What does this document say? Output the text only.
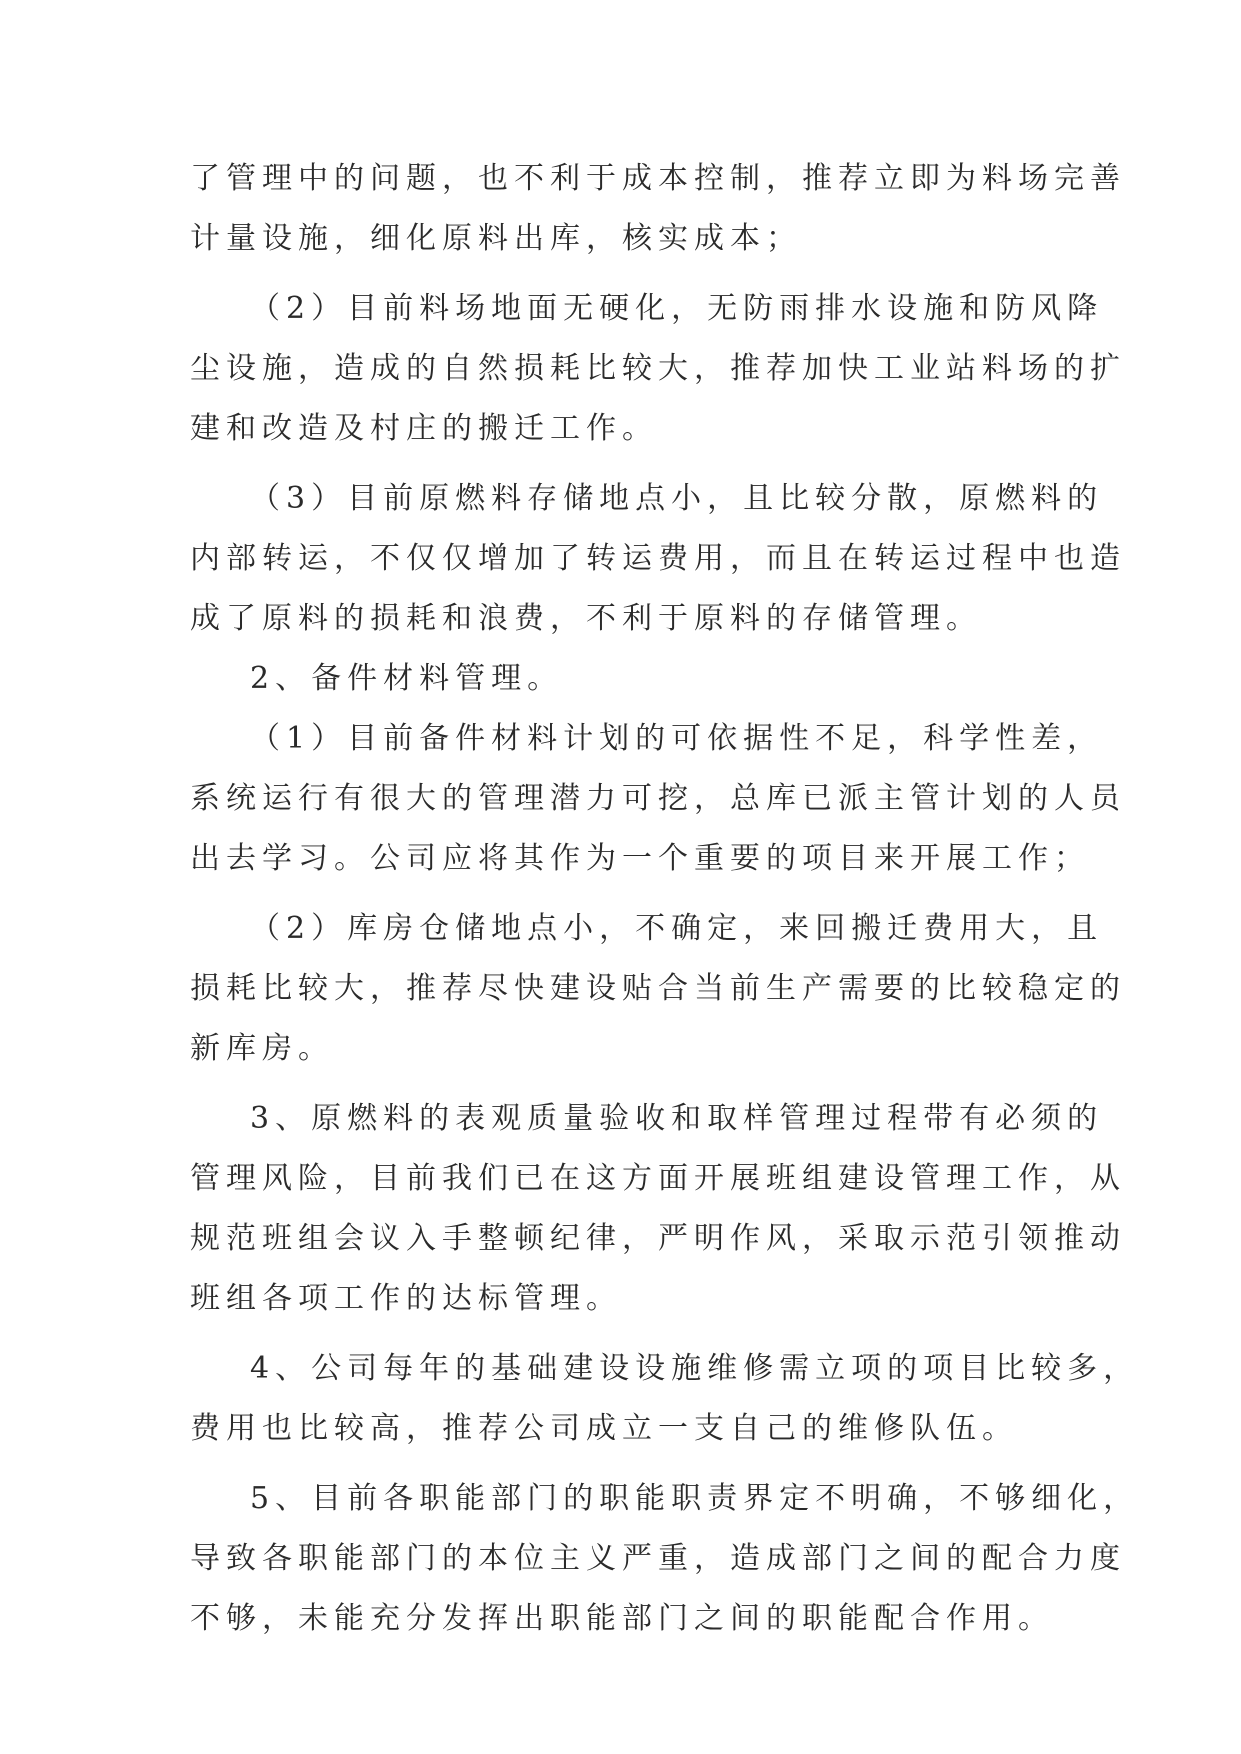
了管理中的问题，也不利于成本控制，推荐立即为料场完善
计量设施，细化原料出库，核实成本；
（2）目前料场地面无硬化，无防雨排水设施和防风降
尘设施，造成的自然损耗比较大，推荐加快工业站料场的扩
建和改造及村庄的搬迁工作。
（3）目前原燃料存储地点小，且比较分散，原燃料的
内部转运，不仅仅增加了转运费用，而且在转运过程中也造
成了原料的损耗和浪费，不利于原料的存储管理。
2、备件材料管理。
（1）目前备件材料计划的可依据性不足，科学性差，
系统运行有很大的管理潜力可挖，总库已派主管计划的人员
出去学习。公司应将其作为一个重要的项目来开展工作；
（2）库房仓储地点小，不确定，来回搬迁费用大，且
损耗比较大，推荐尽快建设贴合当前生产需要的比较稳定的
新库房。
3、原燃料的表观质量验收和取样管理过程带有必须的
管理风险，目前我们已在这方面开展班组建设管理工作，从
规范班组会议入手整顿纪律，严明作风，采取示范引领推动
班组各项工作的达标管理。
4、公司每年的基础建设设施维修需立项的项目比较多，
费用也比较高，推荐公司成立一支自己的维修队伍。
5、目前各职能部门的职能职责界定不明确，不够细化，
导致各职能部门的本位主义严重，造成部门之间的配合力度
不够，未能充分发挥出职能部门之间的职能配合作用。
